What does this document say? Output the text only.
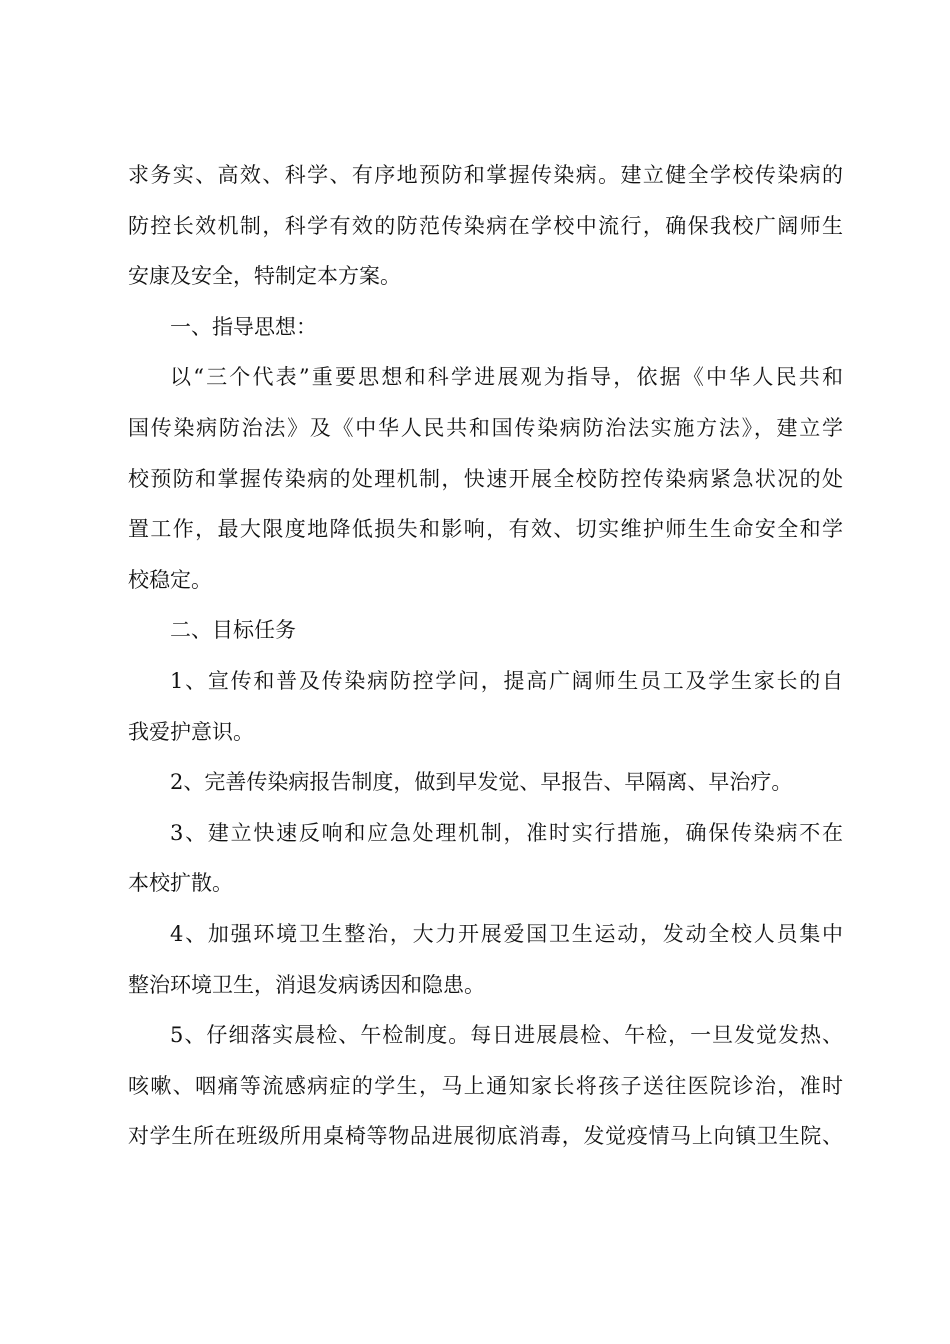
求务实、高效、科学、有序地预防和掌握传染病。建立健全学校传染病的
防控长效机制，科学有效的防范传染病在学校中流行，确保我校广阔师生
安康及安全，特制定本方案。
一、指导思想：
以“三个代表”重要思想和科学进展观为指导，依据《中华人民共和
国传染病防治法》及《中华人民共和国传染病防治法实施方法》，建立学
校预防和掌握传染病的处理机制，快速开展全校防控传染病紧急状况的处
置工作，最大限度地降低损失和影响，有效、切实维护师生生命安全和学
校稳定。
二、目标任务
1、宣传和普及传染病防控学问，提高广阔师生员工及学生家长的自
我爱护意识。
2、完善传染病报告制度，做到早发觉、早报告、早隔离、早治疗。
3、建立快速反响和应急处理机制，准时实行措施，确保传染病不在
本校扩散。
4、加强环境卫生整治，大力开展爱国卫生运动，发动全校人员集中
整治环境卫生，消退发病诱因和隐患。
5、仔细落实晨检、午检制度。每日进展晨检、午检，一旦发觉发热、
咳嗽、咽痛等流感病症的学生，马上通知家长将孩子送往医院诊治，准时
对学生所在班级所用桌椅等物品进展彻底消毒，发觉疫情马上向镇卫生院、
